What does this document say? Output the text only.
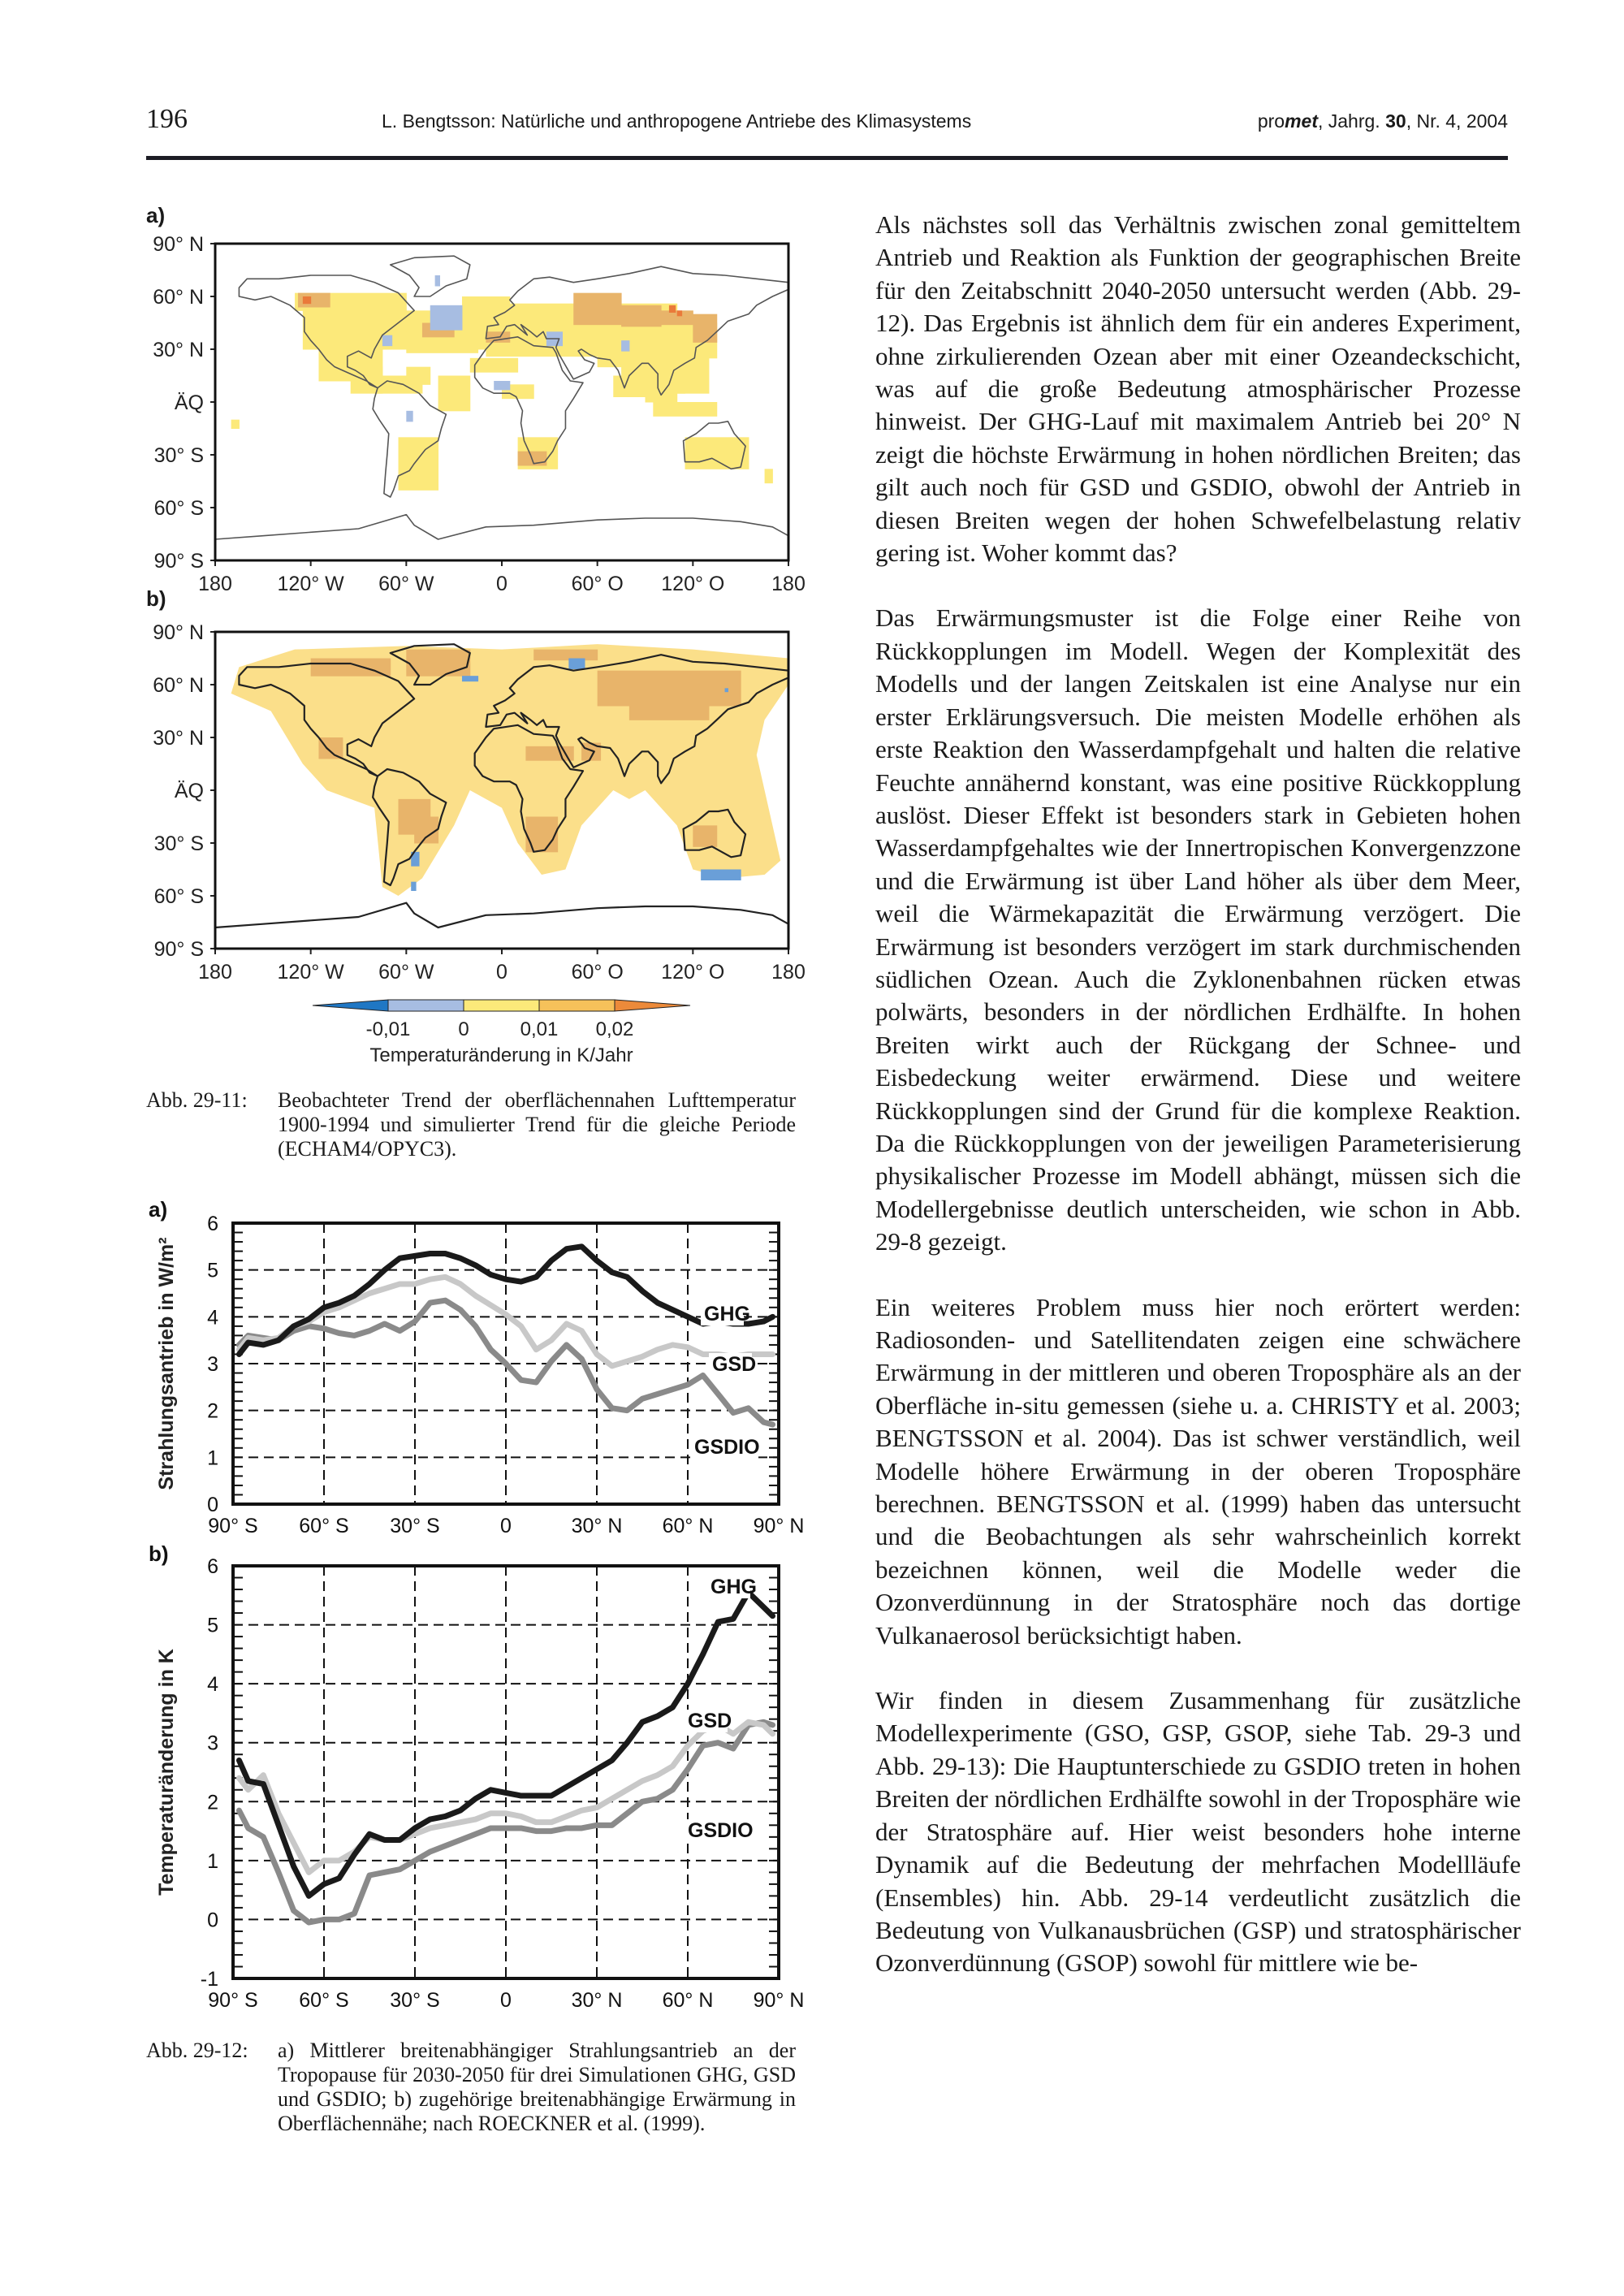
196	L. Bengtsson: Natürliche und anthropogene Antriebe des Klimasystems	promet, Jahrg. 30, Nr. 4, 2004
a)
b)
90° N
60° N
30° N
ÄQ
30° S
60° S
90° S
180 120° W 60° W	0	60° O 120° O 180
90° N
60° N
30° N
ÄQ
30° S
60° S
90° S
180 120° W 60° W	0	60° O 120° O 180
-0,01 0	0,01 0,02
Temperaturänderung in K/Jahr
Abb. 29-11: Beobachteter Trend der oberflächennahen Lufttemperatur 1900-1994 und simulierter Trend für die gleiche Periode (ECHAM4/OPYC3).
a)
0
1
2
3
4
5
6
90° S 60° S 30° S	0	30° N 60° N 90° N
Strahlungsantrieb in W/m²	GHG
GSD
GSDIO
b)
-1
0
1
2
3
4
5
6
90° S 60° S 30° S	0	30° N 60° N 90° N
Temperaturänderung in K
GHG
GSD
GSDIO
Abb. 29-12: a) Mittlerer breitenabhängiger Strahlungsantrieb an der Tropopause für 2030-2050 für drei Simulationen GHG, GSD und GSDIO; b) zugehörige breitenabhängige Erwärmung in Oberflächennähe; nach ROECKNER et al. (1999).

Als nächstes soll das Verhältnis zwischen zonal gemitteltem Antrieb und Reaktion als Funktion der geographischen Breite für den Zeitabschnitt 2040-2050 untersucht werden (Abb. 29-12). Das Ergebnis ist ähnlich dem für ein anderes Experiment, ohne zirkulierenden Ozean aber mit einer Ozeandeckschicht, was auf die große Bedeutung atmosphärischer Prozesse hinweist. Der GHG-Lauf mit maximalem Antrieb bei 20° N zeigt die höchste Erwärmung in hohen nördlichen Breiten; das gilt auch noch für GSD und GSDIO, obwohl der Antrieb in diesen Breiten wegen der hohen Schwefelbelastung relativ gering ist. Woher kommt das?

Das Erwärmungsmuster ist die Folge einer Reihe von Rückkopplungen im Modell. Wegen der Komplexität des Modells und der langen Zeitskalen ist eine Analyse nur ein erster Erklärungsversuch. Die meisten Modelle erhöhen als erste Reaktion den Wasserdampfgehalt und halten die relative Feuchte annähernd konstant, was eine positive Rückkopplung auslöst. Dieser Effekt ist besonders stark in Gebieten hohen Wasserdampfgehaltes wie der Innertropischen Konvergenzzone und die Erwärmung ist über Land höher als über dem Meer, weil die Wärmekapazität die Erwärmung verzögert. Die Erwärmung ist besonders verzögert im stark durchmischenden südlichen Ozean. Auch die Zyklonenbahnen rücken etwas polwärts, besonders in der nördlichen Erdhälfte. In hohen Breiten wirkt auch der Rückgang der Schnee- und Eisbedeckung weiter erwärmend. Diese und weitere Rückkopplungen sind der Grund für die komplexe Reaktion. Da die Rückkopplungen von der jeweiligen Parameterisierung physikalischer Prozesse im Modell abhängt, müssen sich die Modellergebnisse deutlich unterscheiden, wie schon in Abb. 29-8 gezeigt.

Ein weiteres Problem muss hier noch erörtert werden: Radiosonden- und Satellitendaten zeigen eine schwächere Erwärmung in der mittleren und oberen Troposphäre als an der Oberfläche in-situ gemessen (siehe u. a. CHRISTY et al. 2003; BENGTSSON et al. 2004). Das ist schwer verständlich, weil Modelle höhere Erwärmung in der oberen Troposphäre berechnen. BENGTSSON et al. (1999) haben das untersucht und die Beobachtungen als sehr wahrscheinlich korrekt bezeichnen können, weil die Modelle weder die Ozonverdünnung in der Stratosphäre noch das dortige Vulkanaerosol berücksichtigt haben.

Wir finden in diesem Zusammenhang für zusätzliche Modellexperimente (GSO, GSP, GSOP, siehe Tab. 29-3 und Abb. 29-13): Die Hauptunterschiede zu GSDIO treten in hohen Breiten der nördlichen Erdhälfte sowohl in der Troposphäre wie der Stratosphäre auf. Hier weist besonders hohe interne Dynamik auf die Bedeutung der mehrfachen Modellläufe (Ensembles) hin. Abb. 29-14 verdeutlicht zusätzlich die Bedeutung von Vulkanausbrüchen (GSP) und stratosphärischer Ozonverdünnung (GSOP) sowohl für mittlere wie be-
